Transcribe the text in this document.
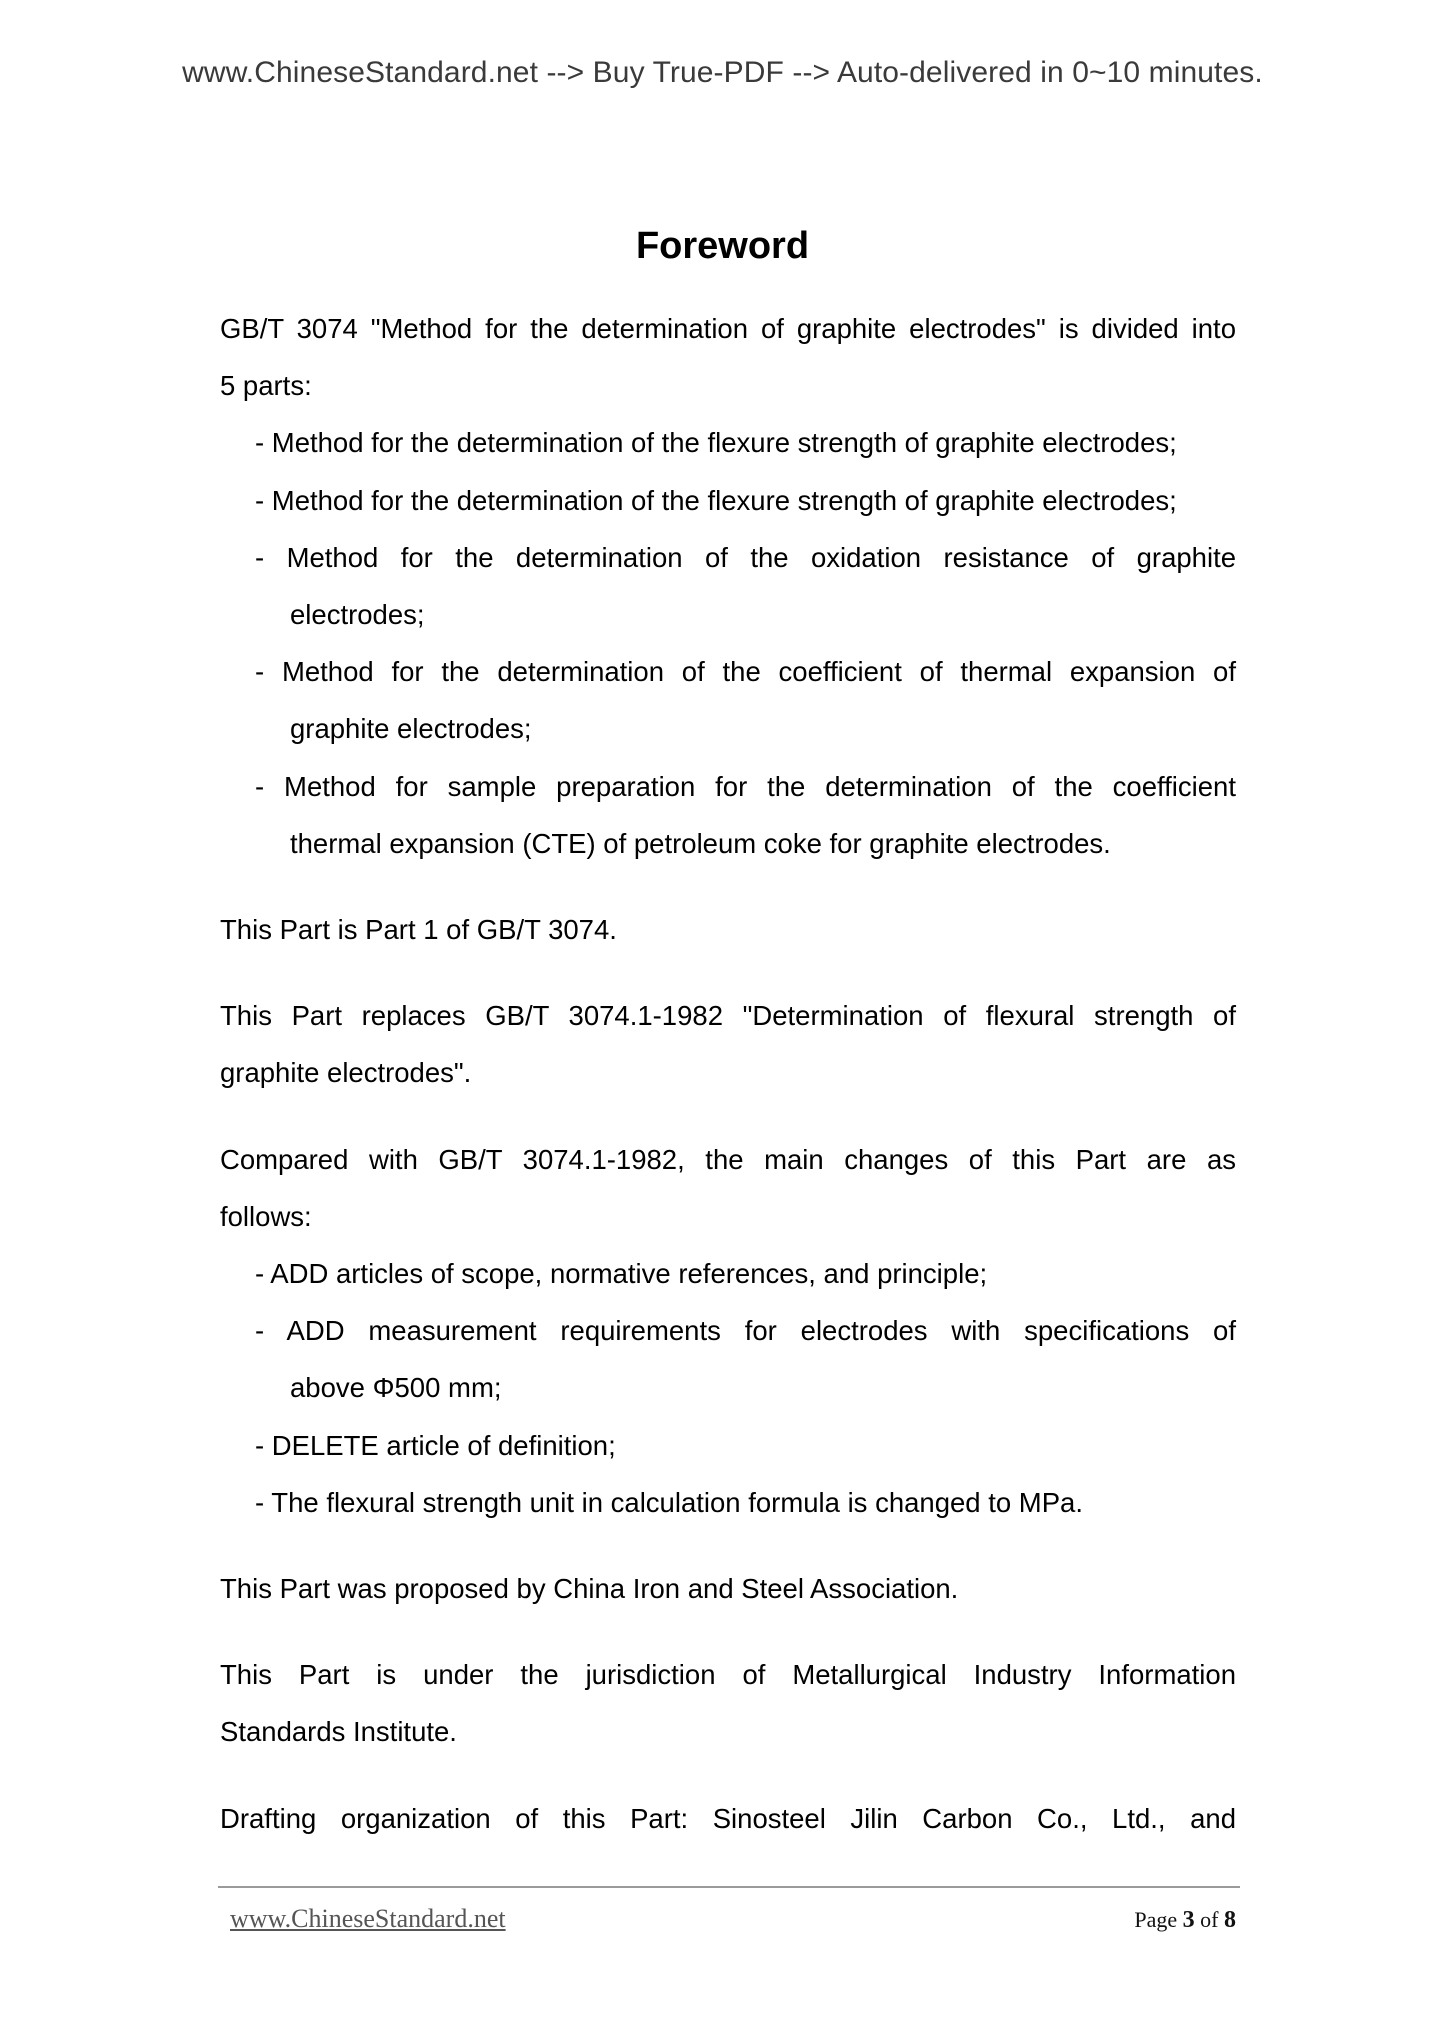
www.ChineseStandard.net --> Buy True-PDF --> Auto-delivered in 0~10 minutes.
Foreword

GB/T 3074 "Method for the determination of graphite electrodes" is divided into

5 parts:

- Method for the determination of the flexure strength of graphite electrodes;

- Method for the determination of the flexure strength of graphite electrodes;

- Method for the determination of the oxidation resistance of graphite
electrodes;
- Method for the determination of the coefficient of thermal expansion of
graphite electrodes;
- Method for sample preparation for the determination of the coefficient
thermal expansion (CTE) of petroleum coke for graphite electrodes.

This Part is Part 1 of GB/T 3074.

This Part replaces GB/T 3074.1-1982 "Determination of flexural strength of

graphite electrodes".

Compared with GB/T 3074.1-1982, the main changes of this Part are as

follows:

- ADD articles of scope, normative references, and principle;

- ADD measurement requirements for electrodes with specifications of
above Φ500 mm;

- DELETE article of definition;

- The flexural strength unit in calculation formula is changed to MPa.

This Part was proposed by China Iron and Steel Association.

This Part is under the jurisdiction of Metallurgical Industry Information

Standards Institute.

Drafting organization of this Part: Sinosteel Jilin Carbon Co., Ltd., and

www.ChineseStandard.net	Page 3 of 8
